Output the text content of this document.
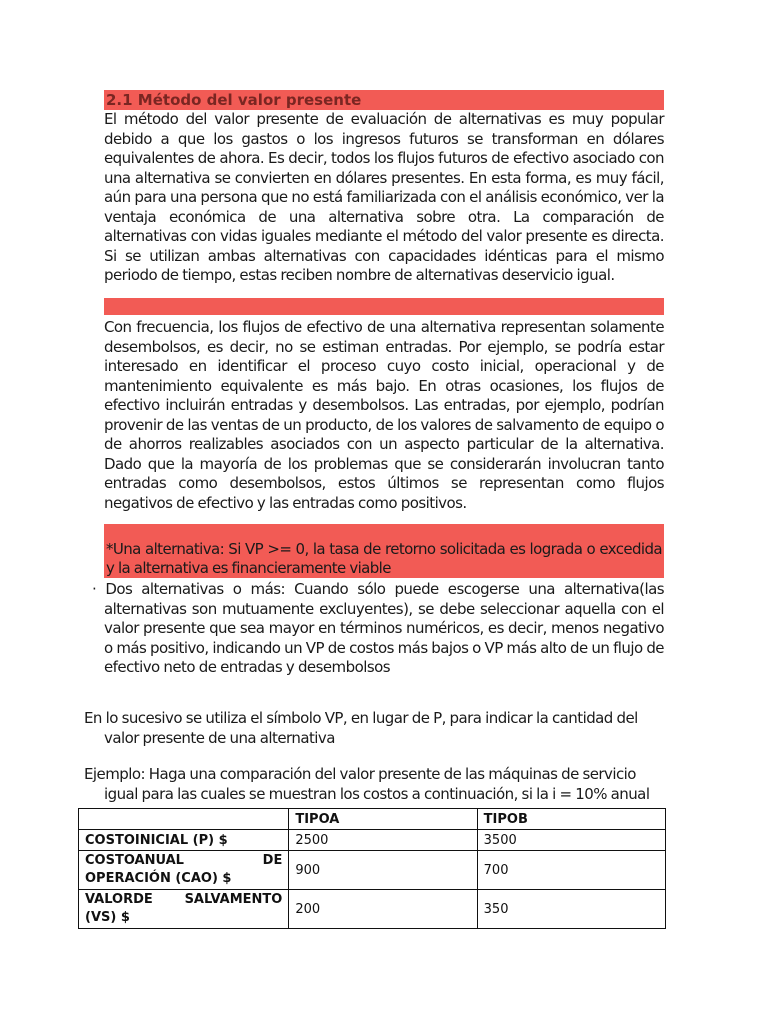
2.1 Método del valor presente
El método del valor presente de evaluación de alternativas es muy popular debido a que los gastos o los ingresos futuros se transforman en dólares equivalentes de ahora. Es decir, todos los flujos futuros de efectivo asociado con una alternativa se convierten en dólares presentes. En esta forma, es muy fácil, aún para una persona que no está familiarizada con el análisis económico, ver la ventaja económica de una alternativa sobre otra. La comparación de alternativas con vidas iguales mediante el método del valor presente es directa. Si se utilizan ambas alternativas con capacidades idénticas para el mismo periodo de tiempo, estas reciben nombre de alternativas deservicio igual.
Con frecuencia, los flujos de efectivo de una alternativa representan solamente desembolsos, es decir, no se estiman entradas. Por ejemplo, se podría estar interesado en identificar el proceso cuyo costo inicial, operacional y de mantenimiento equivalente es más bajo. En otras ocasiones, los flujos de efectivo incluirán entradas y desembolsos. Las entradas, por ejemplo, podrían provenir de las ventas de un producto, de los valores de salvamento de equipo o de ahorros realizables asociados con un aspecto particular de la alternativa. Dado que la mayoría de los problemas que se considerarán involucran tanto entradas como desembolsos, estos últimos se representan como flujos negativos de efectivo y las entradas como positivos.
*Una alternativa: Si VP >= 0, la tasa de retorno solicitada es lograda o excedida y la alternativa es financieramente viable
· Dos alternativas o más: Cuando sólo puede escogerse una alternativa(las alternativas son mutuamente excluyentes), se debe seleccionar aquella con el valor presente que sea mayor en términos numéricos, es decir, menos negativo o más positivo, indicando un VP de costos más bajos o VP más alto de un flujo de efectivo neto de entradas y desembolsos
En lo sucesivo se utiliza el símbolo VP, en lugar de P, para indicar la cantidad del valor presente de una alternativa
Ejemplo: Haga una comparación del valor presente de las máquinas de servicio igual para las cuales se muestran los costos a continuación, si la i = 10% anual
	TIPOA	TIPOB
COSTOINICIAL (P) $	2500	3500

COSTOANUAL DE
OPERACIÓN (CAO) $	900	700

VALORDE SALVAMENTO
(VS) $	200	350
